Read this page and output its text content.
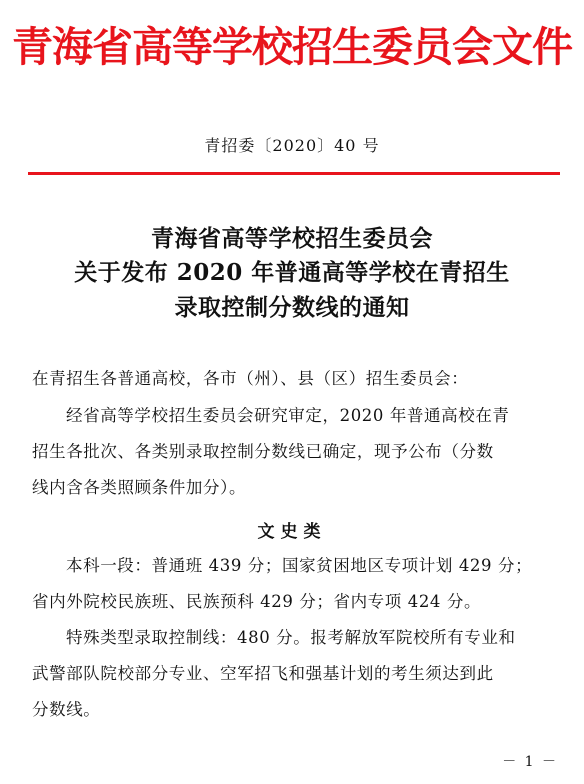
青海省高等学校招生委员会文件
青招委〔2020〕40 号
青海省高等学校招生委员会
关于发布 2020 年普通高等学校在青招生
录取控制分数线的通知
在青招生各普通高校，各市（州）、县（区）招生委员会：
经省高等学校招生委员会研究审定，2020 年普通高校在青
招生各批次、各类别录取控制分数线已确定，现予公布（分数
线内含各类照顾条件加分）。
文史类
本科一段：普通班 439 分；国家贫困地区专项计划 429 分；
省内外院校民族班、民族预科 429 分；省内专项 424 分。
特殊类型录取控制线：480 分。报考解放军院校所有专业和
武警部队院校部分专业、空军招飞和强基计划的考生须达到此
分数线。
－ 1 －
